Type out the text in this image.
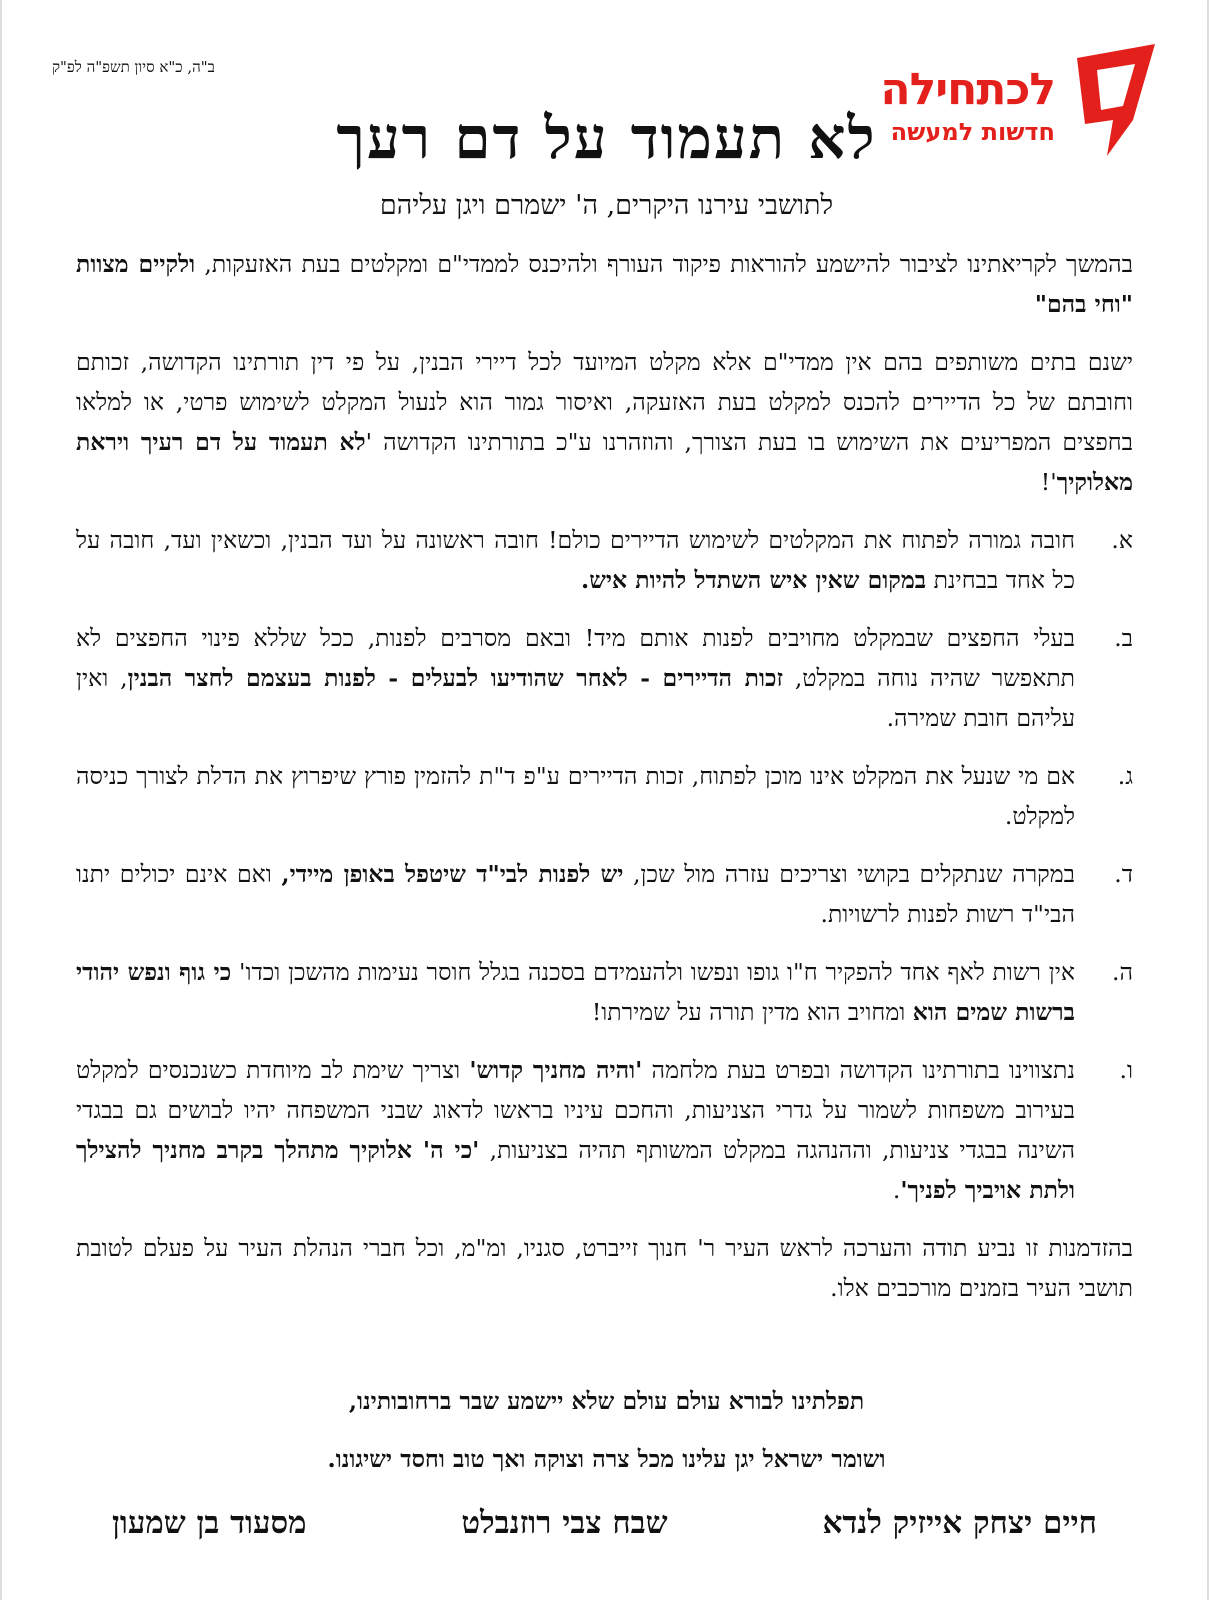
ב"ה, כ"א סיון תשפ"ה לפ"ק	לכתחילה
חדשות למעשה
לא תעמוד על דם רעך
לתושבי עירנו היקרים, ה' ישמרם ויגן עליהם

בהמשך לקריאתינו לציבור להישמע להוראות פיקוד העורף ולהיכנס לממדי"ם ומקלטים בעת האזעקות, ולקיים מצוות "וחי בהם"

ישנם בתים משותפים בהם אין ממדי"ם אלא מקלט המיועד לכל דיירי הבנין, על פי דין תורתינו הקדושה, זכותם וחובתם של כל הדיירים להכנס למקלט בעת האזעקה, ואיסור גמור הוא לנעול המקלט לשימוש פרטי, או למלאו בחפצים המפריעים את השימוש בו בעת הצורך, והוזהרנו ע"כ בתורתינו הקדושה 'לא תעמוד על דם רעיך ויראת מאלוקיך'!

א.
חובה גמורה לפתוח את המקלטים לשימוש הדיירים כולם! חובה ראשונה על ועד הבנין, וכשאין ועד, חובה על כל אחד בבחינת במקום שאין איש השתדל להיות איש.
ב.
בעלי החפצים שבמקלט מחויבים לפנות אותם מיד! ובאם מסרבים לפנות, ככל שללא פינוי החפצים לא תתאפשר שהיה נוחה במקלט, זכות הדיירים - לאחר שהודיעו לבעלים - לפנות בעצמם לחצר הבנין, ואין עליהם חובת שמירה.
ג.
אם מי שנעל את המקלט אינו מוכן לפתוח, זכות הדיירים ע"פ ד"ת להזמין פורץ שיפרוץ את הדלת לצורך כניסה למקלט.
ד.
במקרה שנתקלים בקושי וצריכים עזרה מול שכן, יש לפנות לבי"ד שיטפל באופן מיידי, ואם אינם יכולים יתנו הבי"ד רשות לפנות לרשויות.
ה.
אין רשות לאף אחד להפקיר ח"ו גופו ונפשו ולהעמידם בסכנה בגלל חוסר נעימות מהשכן וכדו' כי גוף ונפש יהודי ברשות שמים הוא ומחויב הוא מדין תורה על שמירתו!
ו.
נתצווינו בתורתינו הקדושה ובפרט בעת מלחמה 'והיה מחניך קדוש' וצריך שימת לב מיוחדת כשנכנסים למקלט בעירוב משפחות לשמור על גדרי הצניעות, והחכם עיניו בראשו לדאוג שבני המשפחה יהיו לבושים גם בבגדי השינה בבגדי צניעות, וההנהגה במקלט המשותף תהיה בצניעות, 'כי ה' אלוקיך מתהלך בקרב מחניך להצילך ולתת אויביך לפניך'.

בהזדמנות זו נביע תודה והערכה לראש העיר ר' חנוך זייברט, סגניו, ומ"מ, וכל חברי הנהלת העיר על פעלם לטובת תושבי העיר בזמנים מורכבים אלו.

תפלתינו לבורא עולם עולם שלא יישמע שבר ברחובותינו,
ושומר ישראל יגן עלינו מכל צרה וצוקה ואך טוב וחסד ישיגונו.
חיים יצחק אייזיק לנדא
שבח צבי רוזנבלט
מסעוד בן שמעון
